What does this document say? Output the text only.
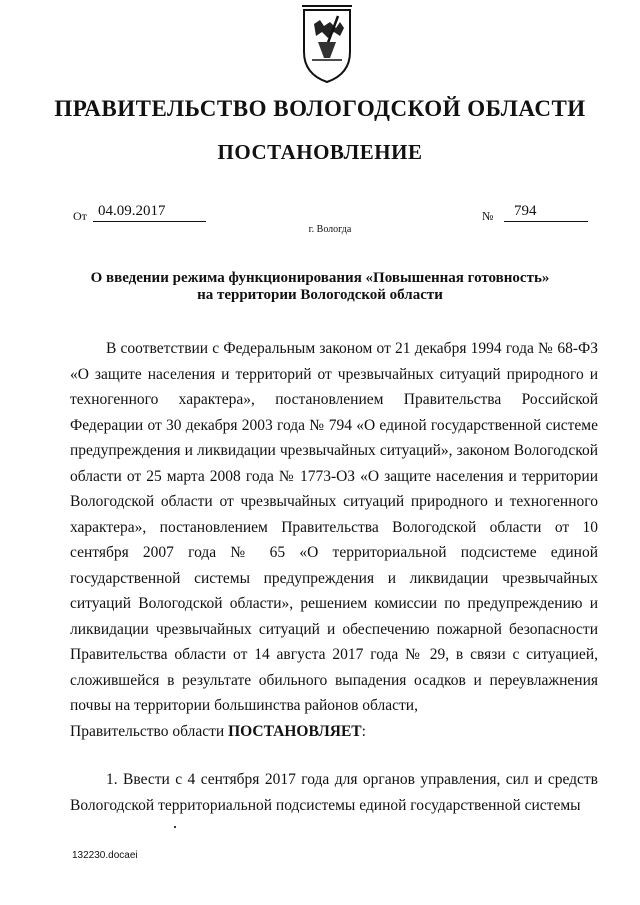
ПРАВИТЕЛЬСТВО ВОЛОГОДСКОЙ ОБЛАСТИ
ПОСТАНОВЛЕНИЕ
От 04.09.2017	№ 794
г. Вологда
О введении режима функционирования «Повышенная готовность»
на территории Вологодской области

В соответствии с Федеральным законом от 21 декабря 1994 года № 68-ФЗ «О защите населения и территорий от чрезвычайных ситуаций природного и техногенного характера», постановлением Правительства Российской Федерации от 30 декабря 2003 года № 794 «О единой государственной системе предупреждения и ликвидации чрезвычайных ситуаций», законом Вологодской области от 25 марта 2008 года № 1773-ОЗ «О защите населения и территории Вологодской области от чрезвычайных ситуаций природного и техногенного характера», постановлением Правительства Вологодской области от 10 сентября 2007 года № 65 «О территориальной подсистеме единой государственной системы предупреждения и ликвидации чрезвычайных ситуаций Вологодской области», решением комиссии по предупреждению и ликвидации чрезвычайных ситуаций и обеспечению пожарной безопасности Правительства области от 14 августа 2017 года № 29, в связи с ситуацией, сложившейся в результате обильного выпадения осадков и переувлажнения почвы на территории большинства районов области,

Правительство области ПОСТАНОВЛЯЕТ:

1. Ввести с 4 сентября 2017 года для органов управления, сил и средств Вологодской территориальной подсистемы единой государственной системы

132230.docaei
